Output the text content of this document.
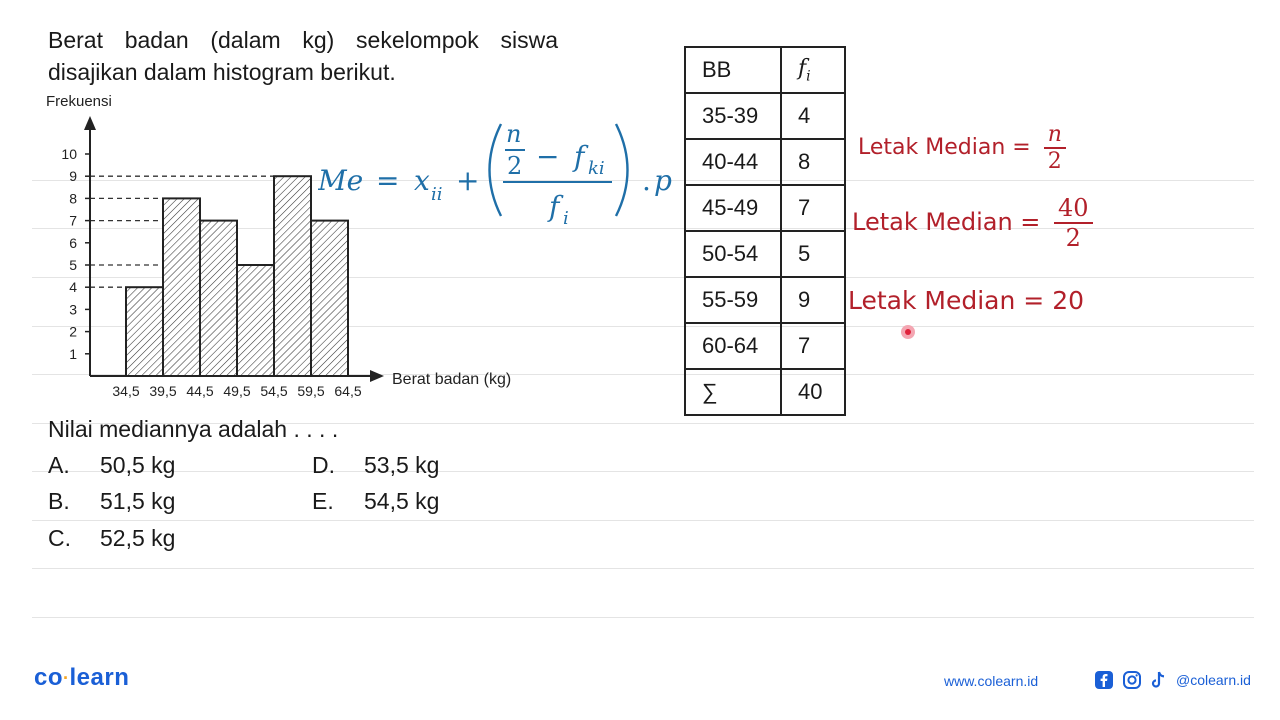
Berat badan (dalam kg) sekelompok siswa disajikan dalam histogram berikut.
Frekuensi
Berat badan (kg)
1
2
3
4
5
6
7
8
9
10
34,5 39,5 44,5 49,5 54,5 59,5 64,5
Nilai mediannya adalah . . . .
A. 50,5 kg
B. 51,5 kg
C. 52,5 kg
D. 53,5 kg
E. 54,5 kg
Me = x ii +
n
2 − f ki
f i
. p
BB	$f_i$
35-39	4
40-44	8
45-49	7
50-54	5
55-59	9
60-64	7
∑	40
Letak Median = $\frac{n}{2}$
Letak Median = $\frac{40}{2}$
Letak Median = 20
co·learn	www.colearn.id	@colearn.id
